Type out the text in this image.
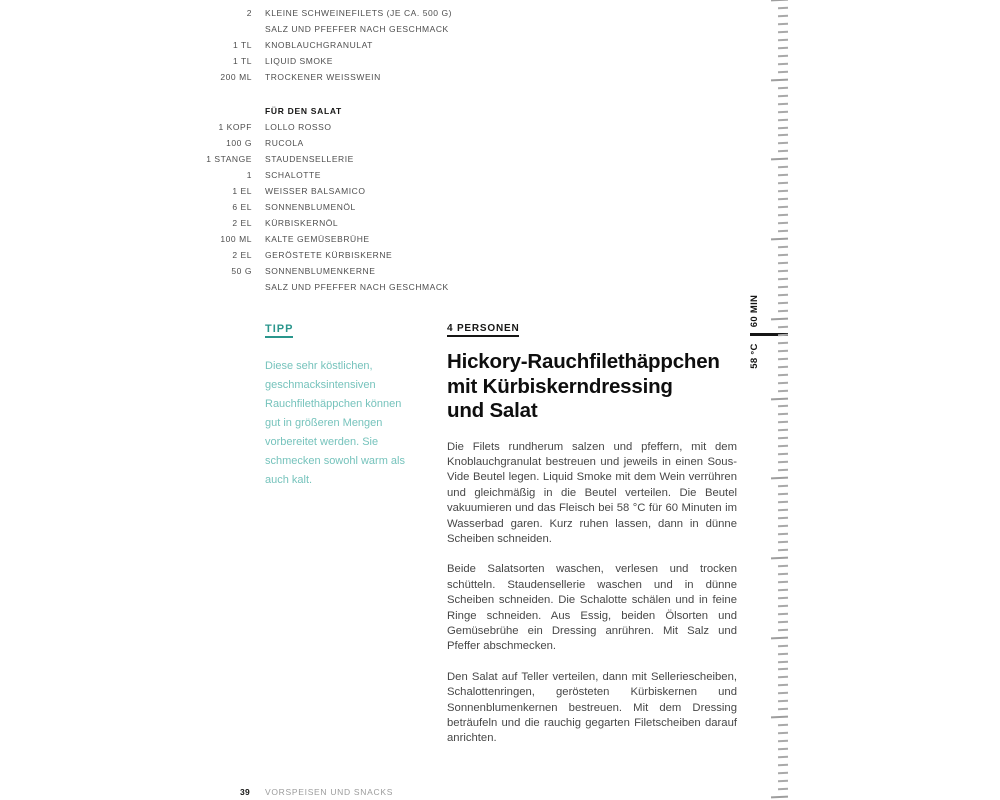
2 KLEINE SCHWEINEFILETS (JE CA. 500 G)
SALZ UND PFEFFER NACH GESCHMACK
1 TL KNOBLAUCHGRANULAT
1 TL LIQUID SMOKE
200 ML TROCKENER WEISSWEIN
FÜR DEN SALAT
1 KOPF LOLLO ROSSO
100 G RUCOLA
1 STANGE STAUDENSELLERIE
1 SCHALOTTE
1 EL WEISSER BALSAMICO
6 EL SONNENBLUMENÖL
2 EL KÜRBISKERNÖL
100 ML KALTE GEMÜSEBRÜHE
2 EL GERÖSTETE KÜRBISKERNE
50 G SONNENBLUMENKERNE
SALZ UND PFEFFER NACH GESCHMACK
TIPP

Diese sehr köstlichen, geschmacksintensiven Rauchfilethäppchen können gut in größeren Mengen vorbereitet werden. Sie schmecken sowohl warm als auch kalt.

4 PERSONEN
Hickory-Rauchfilethäppchen
mit Kürbiskerndressing
und Salat

Die Filets rundherum salzen und pfeffern, mit dem Knoblauchgranulat bestreuen und jeweils in einen Sous-Vide Beutel legen. Liquid Smoke mit dem Wein verrühren und gleichmäßig in die Beutel verteilen. Die Beutel vakuumieren und das Fleisch bei 58 °C für 60 Minuten im Wasserbad garen. Kurz ruhen lassen, dann in dünne Scheiben schneiden.

Beide Salatsorten waschen, verlesen und trocken schütteln. Staudensellerie waschen und in dünne Scheiben schneiden. Die Schalotte schälen und in feine Ringe schneiden. Aus Essig, beiden Ölsorten und Gemüsebrühe ein Dressing anrühren. Mit Salz und Pfeffer abschmecken.

Den Salat auf Teller verteilen, dann mit Selleriescheiben, Schalottenringen, gerösteten Kürbiskernen und Sonnenblumenkernen bestreuen. Mit dem Dressing beträufeln und die rauchig gegarten Filetscheiben darauf anrichten.

60 MIN
58 °C
39 VORSPEISEN UND SNACKS
